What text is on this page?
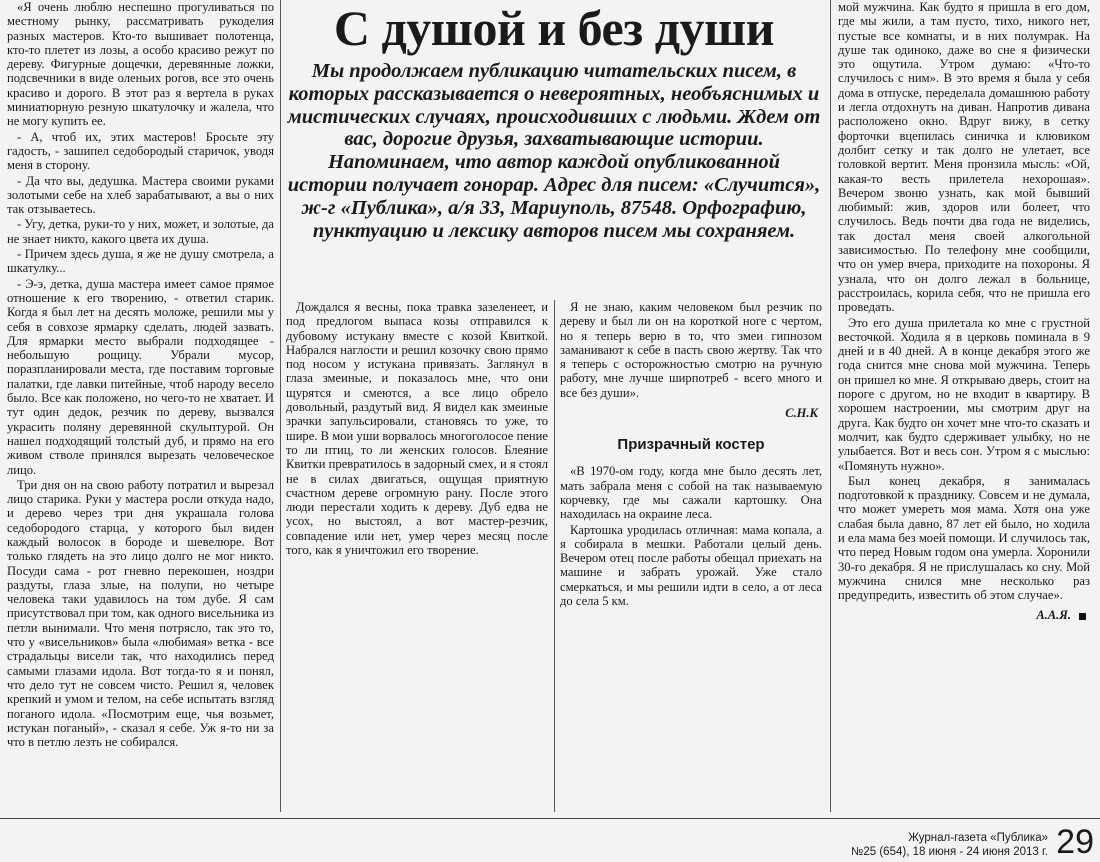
«Я очень люблю неспешно прогуливаться по местному рынку, рассматривать рукоделия разных мастеров. Кто-то вышивает полотенца, кто-то плетет из лозы, а особо красиво режут по дереву. Фигурные дощечки, деревянные ложки, подсвечники в виде оленьих рогов, все это очень красиво и дорого. В этот раз я вертела в руках миниатюрную резную шкатулочку и жалела, что не могу купить ее.

- А, чтоб их, этих мастеров! Бросьте эту гадость, - зашипел седобородый старичок, уводя меня в сторону.

- Да что вы, дедушка. Мастера своими руками золотыми себе на хлеб зарабатывают, а вы о них так отзываетесь.

- Угу, детка, руки-то у них, может, и золотые, да не знает никто, какого цвета их душа.

- Причем здесь душа, я же не душу смотрела, а шкатулку...

- Э-э, детка, душа мастера имеет самое прямое отношение к его творению, - ответил старик. Когда я был лет на десять моложе, решили мы у себя в совхозе ярмарку сделать, людей зазвать. Для ярмарки место выбрали подходящее - небольшую рощицу. Убрали мусор, поразпланировали места, где поставим торговые палатки, где лавки питейные, чтоб народу весело было. Все как положено, но чего-то не хватает. И тут один дедок, резчик по дереву, вызвался украсить поляну деревянной скульптурой. Он нашел подходящий толстый дуб, и прямо на его живом стволе принялся вырезать человеческое лицо.

Три дня он на свою работу потратил и вырезал лицо старика. Руки у мастера росли откуда надо, и дерево через три дня украшала голова седобородого старца, у которого был виден каждый волосок в бороде и шевелюре. Вот только глядеть на это лицо долго не мог никто. Посуди сама - рот гневно перекошен, ноздри раздуты, глаза злые, на полупи, но четыре человека таки удавилось на том дубе. Я сам присутствовал при том, как одного висельника из петли вынимали. Что меня потрясло, так это то, что у «висельников» была «любимая» ветка - все страдальцы висели так, что находились перед самыми глазами идола. Вот тогда-то я и понял, что дело тут не совсем чисто. Решил я, человек крепкий и умом и телом, на себе испытать взгляд поганого идола. «Посмотрим еще, чья возьмет, истукан поганый», - сказал я себе. Уж я-то ни за что в петлю лезть не собирался.

С душой и без души

Мы продолжаем публикацию читательских писем, в которых рассказывается о невероятных, необъяснимых и мистических случаях, происходивших с людьми. Ждем от вас, дорогие друзья, захватывающие истории. Напоминаем, что автор каждой опубликованной истории получает гонорар. Адрес для писем: «Случится», ж-г «Публика», а/я 33, Мариуполь, 87548. Орфографию, пунктуацию и лексику авторов писем мы сохраняем.

Дождался я весны, пока травка зазеленеет, и под предлогом выпаса козы отправился к дубовому истукану вместе с козой Квиткой. Набрался наглости и решил козочку свою прямо под носом у истукана привязать. Заглянул в глаза змеиные, и показалось мне, что они щурятся и смеются, а все лицо обрело довольный, раздутый вид. Я видел как змеиные зрачки запульсировали, становясь то уже, то шире. В мои уши ворвалось многоголосое пение то ли птиц, то ли женских голосов. Блеяние Квитки превратилось в задорный смех, и я стоял не в силах двигаться, ощущая приятную счастном дереве огромную рану. После этого люди перестали ходить к дереву. Дуб едва не усох, но выстоял, а вот мастер-резчик, совпадение или нет, умер через месяц после того, как я уничтожил его творение.

Я не знаю, каким человеком был резчик по дереву и был ли он на короткой ноге с чертом, но я теперь верю в то, что змеи гипнозом заманивают к себе в пасть свою жертву. Так что я теперь с осторожностью смотрю на ручную работу, мне лучше ширпотреб - всего много и все без души».

С.Н.К
Призрачный костер

«В 1970-ом году, когда мне было десять лет, мать забрала меня с собой на так называемую корчевку, где мы сажали картошку. Она находилась на окраине леса.

Картошка уродилась отличная: мама копала, а я собирала в мешки. Работали целый день. Вечером отец после работы обещал приехать на машине и забрать урожай. Уже стало смеркаться, и мы решили идти в село, а от леса до села 5 км.

мой мужчина. Как будто я пришла в его дом, где мы жили, а там пусто, тихо, никого нет, пустые все комнаты, и в них полумрак. На душе так одиноко, даже во сне я физически это ощутила. Утром думаю: «Что-то случилось с ним». В это время я была у себя дома в отпуске, переделала домашнюю работу и легла отдохнуть на диван. Напротив дивана расположено окно. Вдруг вижу, в сетку форточки вцепилась синичка и клювиком долбит сетку и так долго не улетает, все головкой вертит. Меня пронзила мысль: «Ой, какая-то весть прилетела нехорошая». Вечером звоню узнать, как мой бывший любимый: жив, здоров или болеет, что случилось. Ведь почти два года не виделись, так достал меня своей алкогольной зависимостью. По телефону мне сообщили, что он умер вчера, приходите на похороны. Я узнала, что он долго лежал в больнице, расстроилась, корила себя, что не пришла его проведать.

Это его душа прилетала ко мне с грустной весточкой. Ходила я в церковь поминала в 9 дней и в 40 дней. А в конце декабря этого же года снится мне снова мой мужчина. Теперь он пришел ко мне. Я открываю дверь, стоит на пороге с другом, но не входит в квартиру. В хорошем настроении, мы смотрим друг на друга. Как будто он хочет мне что-то сказать и молчит, как будто сдерживает улыбку, но не улыбается. Вот и весь сон. Утром я с мыслью: «Помянуть нужно».

Был конец декабря, я занималась подготовкой к празднику. Совсем и не думала, что может умереть моя мама. Хотя она уже слабая была давно, 87 лет ей было, но ходила и ела мама без моей помощи. И случилось так, что перед Новым годом она умерла. Хоронили 30-го декабря. Я не прислушалась ко сну. Мой мужчина снился мне несколько раз предупредить, известить об этом случае».

А.А.Я.
Журнал-газета «Публика»
№25 (654), 18 июня - 24 июня 2013 г. 29
